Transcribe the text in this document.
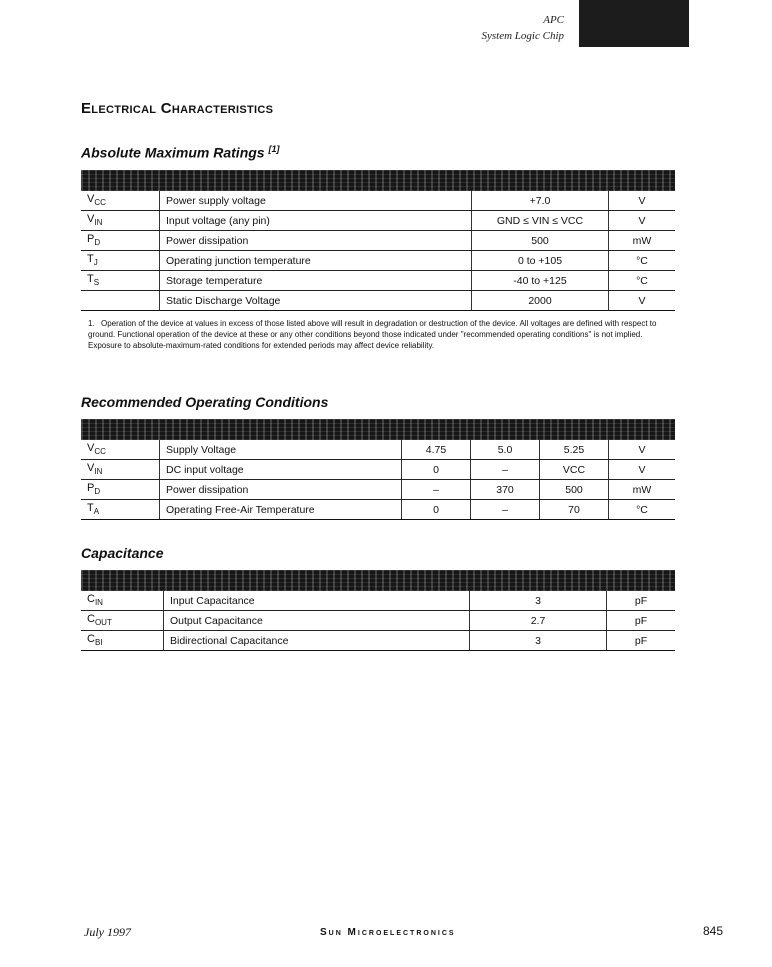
APC
System Logic Chip
Electrical Characteristics
Absolute Maximum Ratings [1]

$V_{CC}$	Power supply voltage	+7.0	V
$V_{IN}$	Input voltage (any pin)	GND ≤ VIN ≤ VCC	V
$P_D$	Power dissipation	500	mW
$T_J$	Operating junction temperature	0 to +105	°C
$T_S$	Storage temperature	-40 to +125	°C
	Static Discharge Voltage	2000	V

1. Operation of the device at values in excess of those listed above will result in degradation or destruction of the device. All voltages are defined with respect to ground. Functional operation of the device at these or any other conditions beyond those indicated under "recommended operating conditions" is not implied. Exposure to absolute-maximum-rated conditions for extended periods may affect device reliability.

Recommended Operating Conditions

$V_{CC}$	Supply Voltage	4.75	5.0	5.25	V
$V_{IN}$	DC input voltage	0	–	VCC	V
$P_D$	Power dissipation	–	370	500	mW
$T_A$	Operating Free-Air Temperature	0	–	70	°C
Capacitance

$C_{IN}$	Input Capacitance	3	pF
$C_{OUT}$	Output Capacitance	2.7	pF
$C_{BI}$	Bidirectional Capacitance	3	pF
July 1997	Sun Microelectronics	845
